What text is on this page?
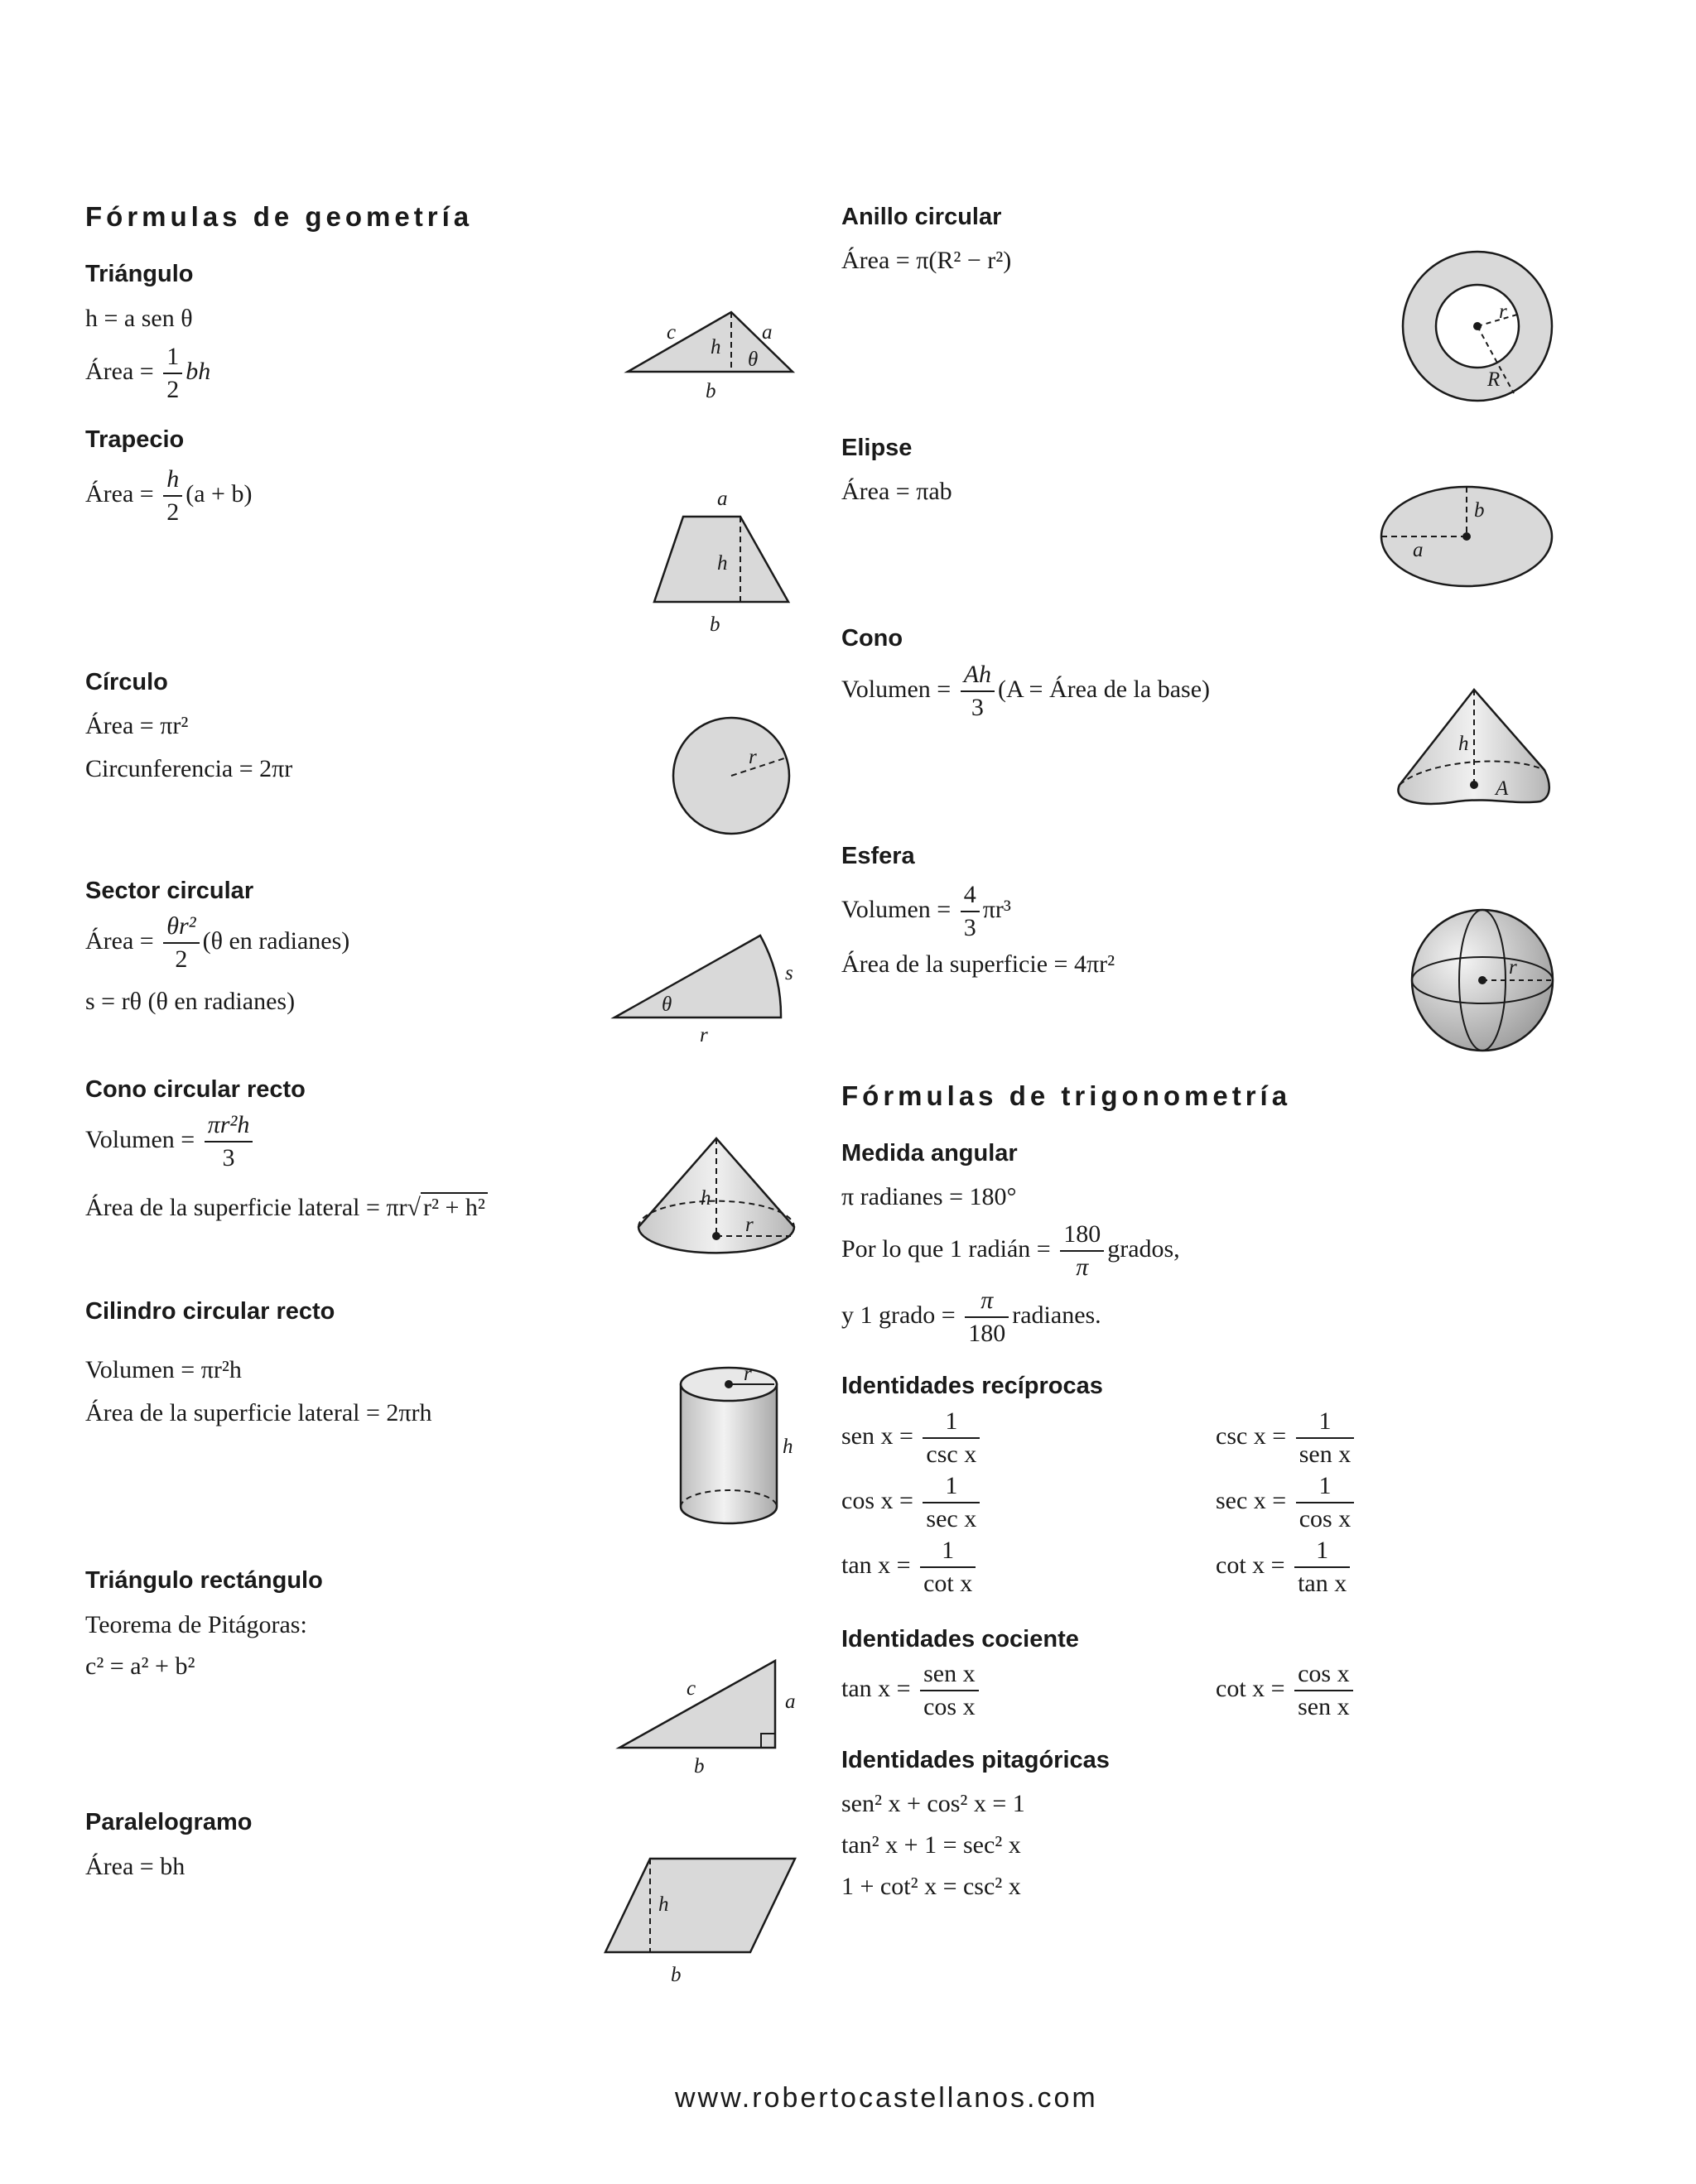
Fórmulas de geometría
Triángulo
h = a sen θ
Área = $\frac{1}{2}$ bh
Trapecio
Área = $\frac{h}{2} (a + b)$
Círculo
Área = πr²
Circunferencia = 2πr
Sector circular
Área = $\frac{\text{θr²}}{2} (\theta$ en radianes)
s = rθ (θ en radianes)
Cono circular recto
Volumen = $\frac{\text{πr²h}}{3}$
Área de la superficie lateral = πr√ r² + h²
Cilindro circular recto
Volumen = πr²h
Área de la superficie lateral = 2πrh
Triángulo rectángulo
Teorema de Pitágoras:
c² = a² + b²
Paralelogramo
Área = bh
Anillo circular
Área = π(R² − r²)
Elipse
Área = πab
Cono
Volumen = $\frac{Ah}{3} (A$ = Área de la base)
Esfera
Volumen = $\frac{4}{3} \pi r^3$
Área de la superficie = 4πr²
Fórmulas de trigonometría
Medida angular
π radianes = 180°
Por lo que 1 radián = $\frac{180}{\pi}$ grados,
y 1 grado = $\frac{\pi}{180}$ radianes.
Identidades recíprocas
sen $x = \frac{1}{\text{csc x}}$	$\csc x = \frac{1}{\text{sen x}}$
$\cos x = \frac{1}{\text{sec x}}$	$\sec x = \frac{1}{\text{cos x}}$
$\tan x = \frac{1}{\text{cot x}}$	$\cot x = \frac{1}{\text{tan x}}$
Identidades cociente
$\tan x = \frac{\text{sen x}}{\text{cos x}}$	$\cot x = \frac{\text{cos x}}{\text{sen x}}$
Identidades pitagóricas
sen² x + cos² x = 1
tan² x + 1 = sec² x
1 + cot² x = csc² x
www.robertocastellanos.com
c	a
h
θ
b
a
h
b
r
s
θ
r
h
r
r
h
c
a
b
h
b
r
R
b
a
h
A
r
